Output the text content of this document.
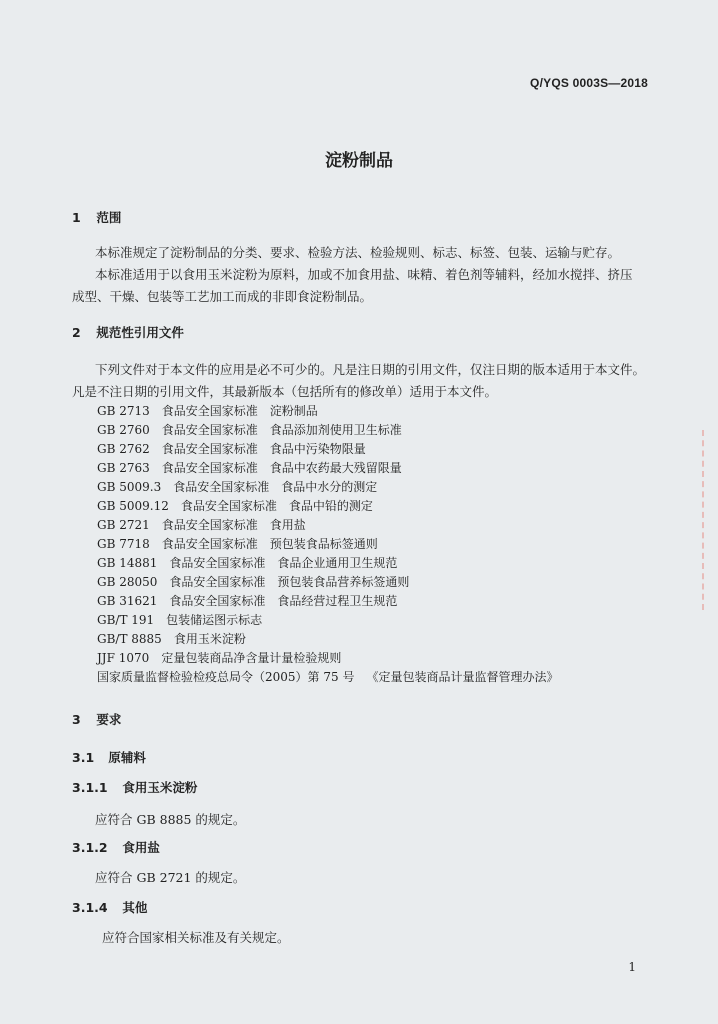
Q/YQS 0003S—2018
淀粉制品
1 范围
本标准规定了淀粉制品的分类、要求、检验方法、检验规则、标志、标签、包装、运输与贮存。
本标准适用于以食用玉米淀粉为原料，加或不加食用盐、味精、着色剂等辅料，经加水搅拌、挤压
成型、干燥、包装等工艺加工而成的非即食淀粉制品。
2 规范性引用文件
下列文件对于本文件的应用是必不可少的。凡是注日期的引用文件，仅注日期的版本适用于本文件。
凡是不注日期的引用文件，其最新版本（包括所有的修改单）适用于本文件。
GB 2713 食品安全国家标准 淀粉制品
GB 2760 食品安全国家标准 食品添加剂使用卫生标准
GB 2762 食品安全国家标准 食品中污染物限量
GB 2763 食品安全国家标准 食品中农药最大残留限量
GB 5009.3 食品安全国家标准 食品中水分的测定
GB 5009.12 食品安全国家标准 食品中铅的测定
GB 2721 食品安全国家标准 食用盐
GB 7718 食品安全国家标准 预包装食品标签通则
GB 14881 食品安全国家标准 食品企业通用卫生规范
GB 28050 食品安全国家标准 预包装食品营养标签通则
GB 31621 食品安全国家标准 食品经营过程卫生规范
GB/T 191 包装储运图示标志
GB/T 8885 食用玉米淀粉
JJF 1070 定量包装商品净含量计量检验规则
国家质量监督检验检疫总局令（2005）第 75 号 《定量包装商品计量监督管理办法》
3 要求
3.1 原辅料
3.1.1 食用玉米淀粉
应符合 GB 8885 的规定。
3.1.2 食用盐
应符合 GB 2721 的规定。
3.1.4 其他
应符合国家相关标准及有关规定。
1
